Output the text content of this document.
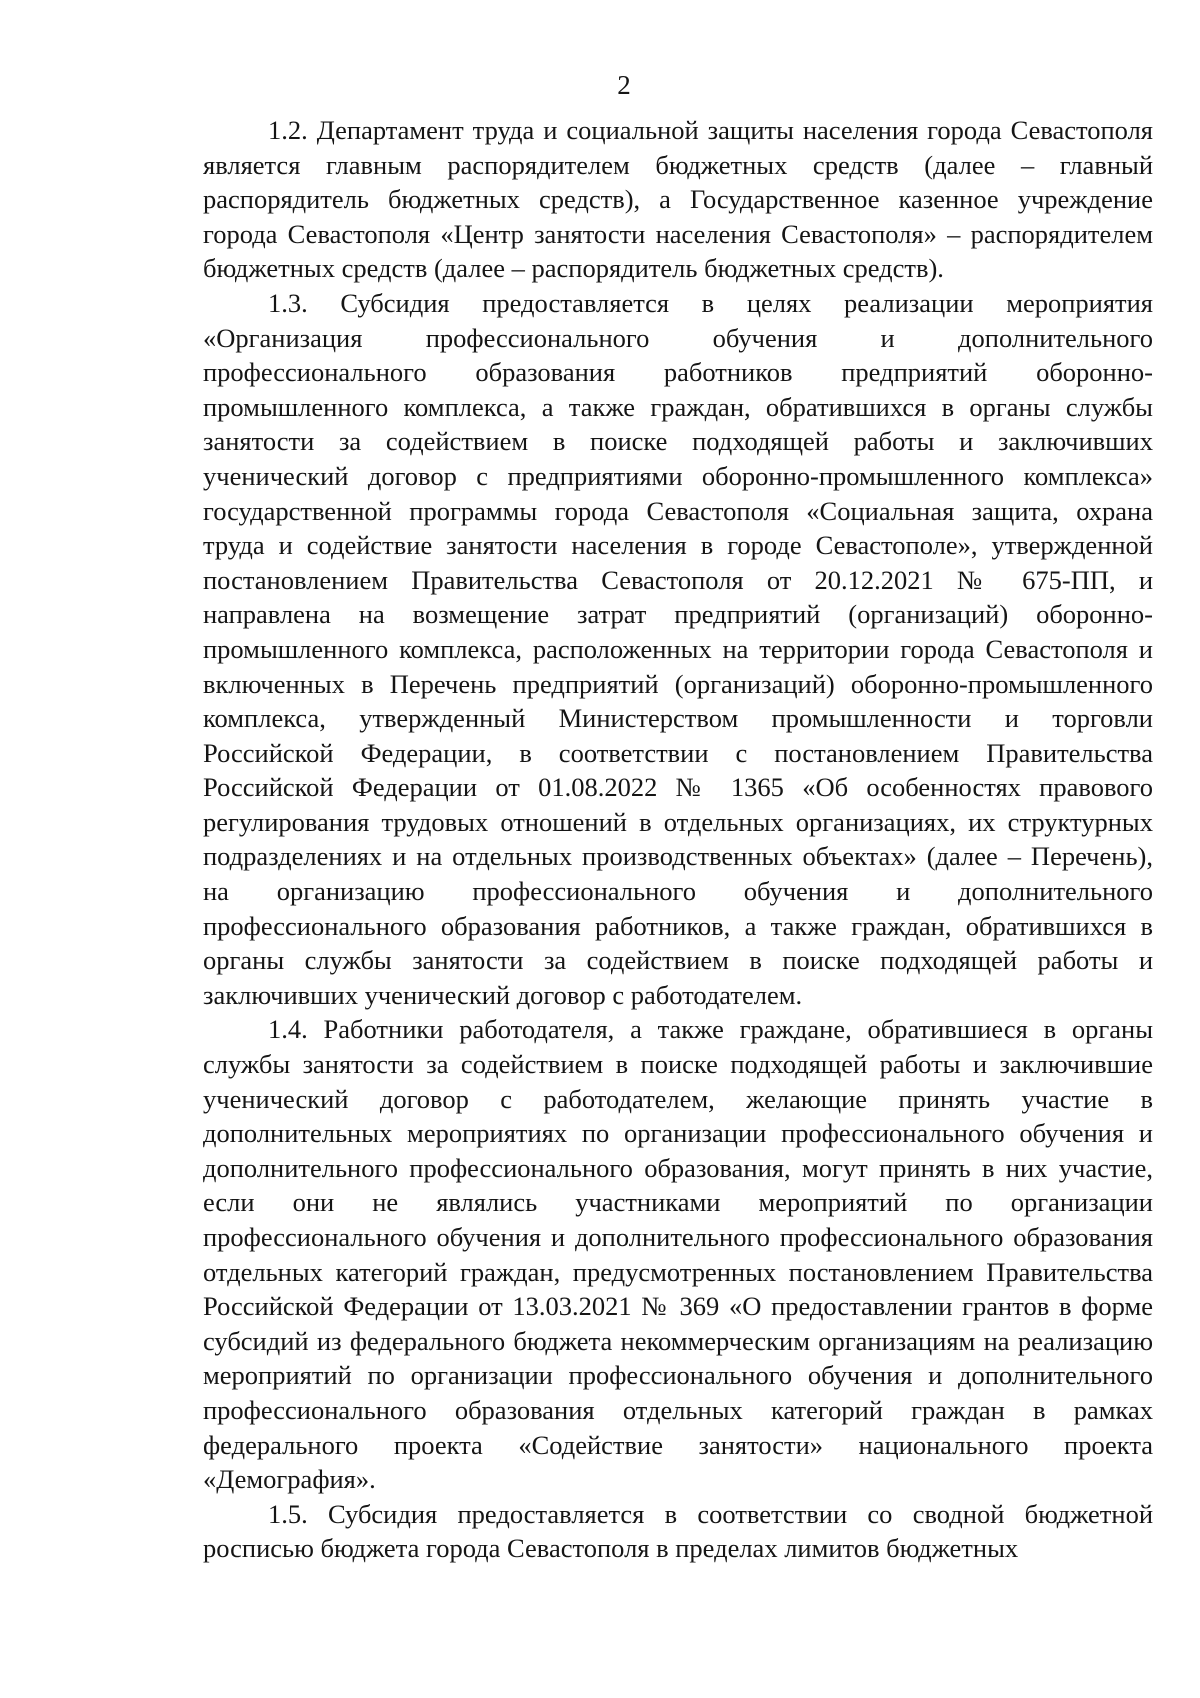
2

1.2. Департамент труда и социальной защиты населения города Севастополя является главным распорядителем бюджетных средств (далее – главный распорядитель бюджетных средств), а Государственное казенное учреждение города Севастополя «Центр занятости населения Севастополя» – распорядителем бюджетных средств (далее – распорядитель бюджетных средств).

1.3. Субсидия предоставляется в целях реализации мероприятия «Организация профессионального обучения и дополнительного профессионального образования работников предприятий оборонно-промышленного комплекса, а также граждан, обратившихся в органы службы занятости за содействием в поиске подходящей работы и заключивших ученический договор с предприятиями оборонно-промышленного комплекса» государственной программы города Севастополя «Социальная защита, охрана труда и содействие занятости населения в городе Севастополе», утвержденной постановлением Правительства Севастополя от 20.12.2021 № 675-ПП, и направлена на возмещение затрат предприятий (организаций) оборонно-промышленного комплекса, расположенных на территории города Севастополя и включенных в Перечень предприятий (организаций) оборонно-промышленного комплекса, утвержденный Министерством промышленности и торговли Российской Федерации, в соответствии с постановлением Правительства Российской Федерации от 01.08.2022 № 1365 «Об особенностях правового регулирования трудовых отношений в отдельных организациях, их структурных подразделениях и на отдельных производственных объектах» (далее – Перечень), на организацию профессионального обучения и дополнительного профессионального образования работников, а также граждан, обратившихся в органы службы занятости за содействием в поиске подходящей работы и заключивших ученический договор с работодателем.

1.4. Работники работодателя, а также граждане, обратившиеся в органы службы занятости за содействием в поиске подходящей работы и заключившие ученический договор с работодателем, желающие принять участие в дополнительных мероприятиях по организации профессионального обучения и дополнительного профессионального образования, могут принять в них участие, если они не являлись участниками мероприятий по организации профессионального обучения и дополнительного профессионального образования отдельных категорий граждан, предусмотренных постановлением Правительства Российской Федерации от 13.03.2021 № 369 «О предоставлении грантов в форме субсидий из федерального бюджета некоммерческим организациям на реализацию мероприятий по организации профессионального обучения и дополнительного профессионального образования отдельных категорий граждан в рамках федерального проекта «Содействие занятости» национального проекта «Демография».

1.5. Субсидия предоставляется в соответствии со сводной бюджетной росписью бюджета города Севастополя в пределах лимитов бюджетных
